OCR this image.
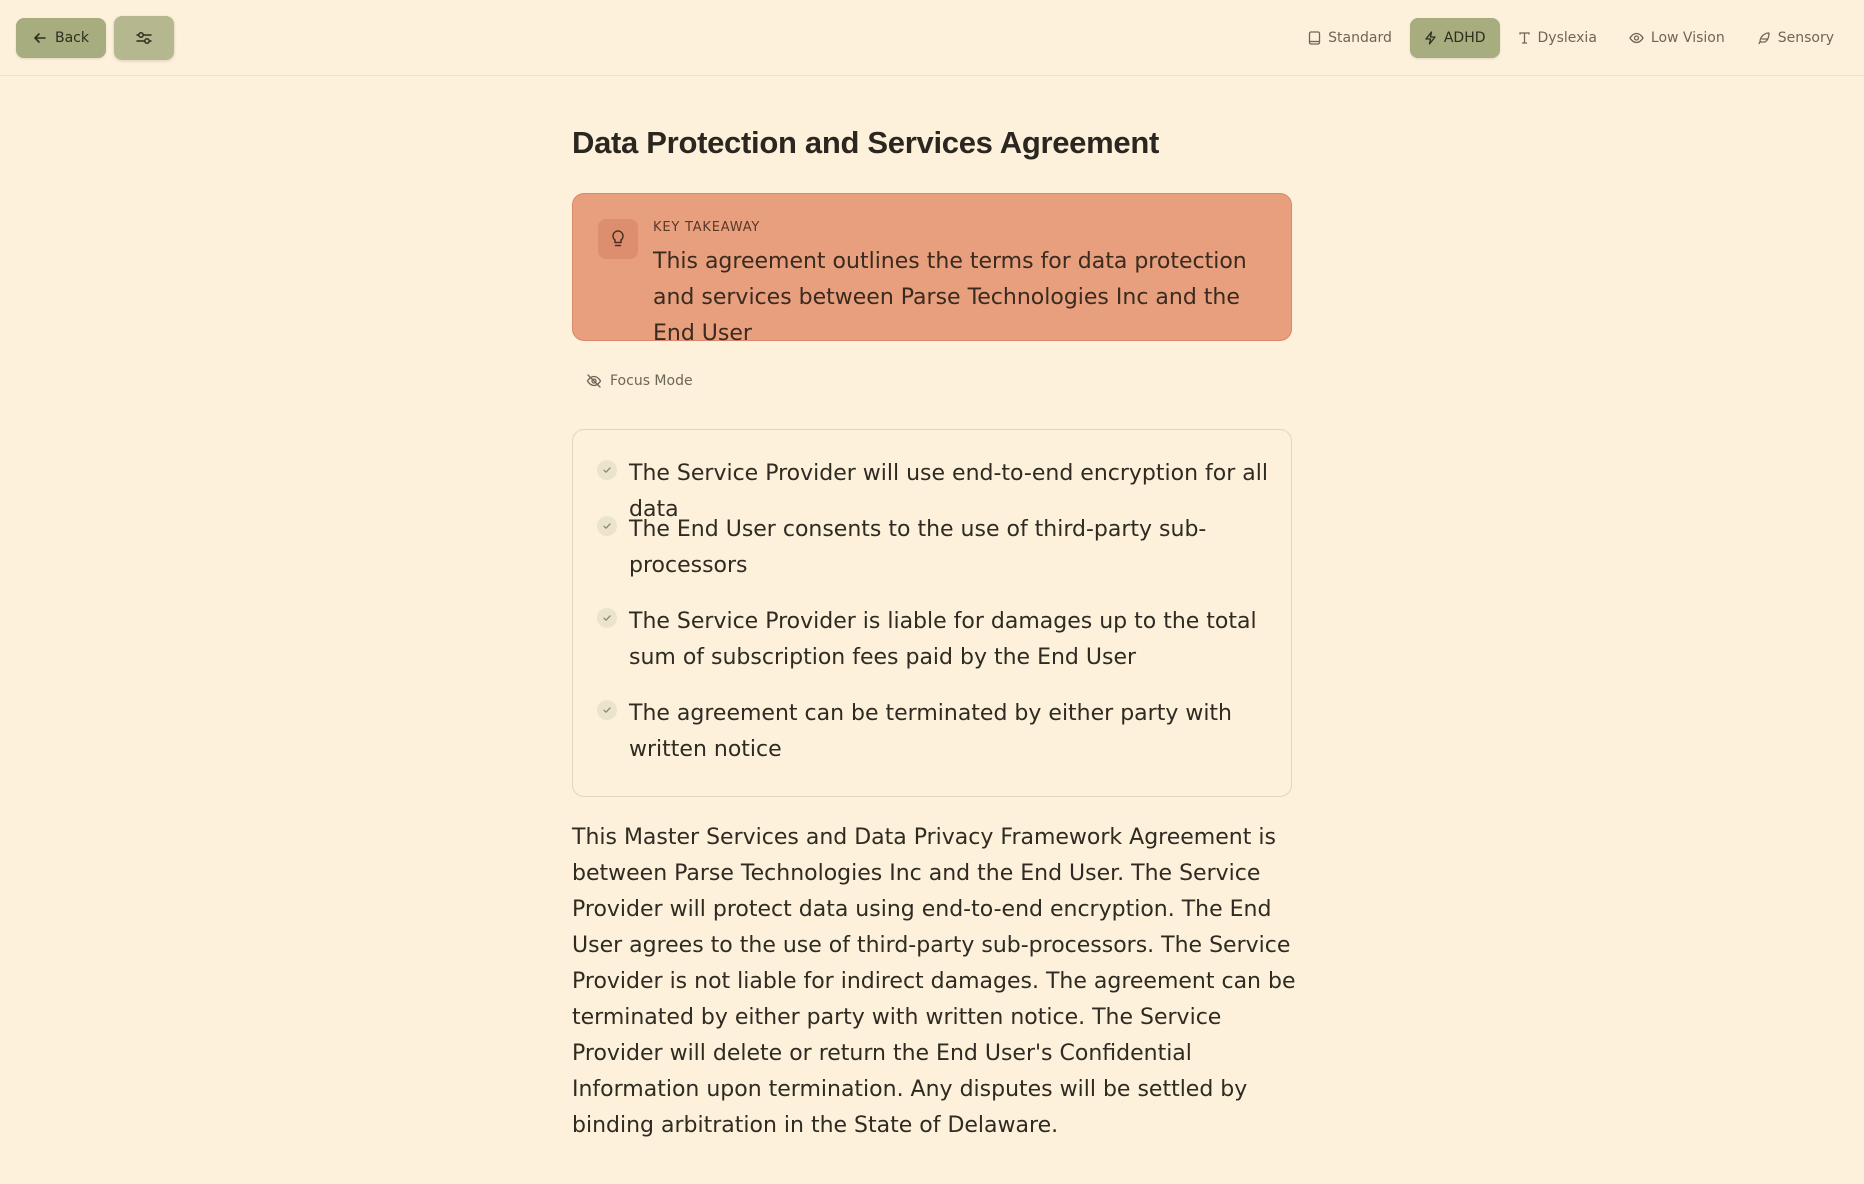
Back	Standard	ADHD	Dyslexia	Low Vision	Sensory
Data Protection and Services Agreement
KEY TAKEAWAY
This agreement outlines the terms for data protection and services between Parse Technologies Inc and the End User
Focus Mode
The Service Provider will use end-to-end encryption for all data
The End User consents to the use of third-party sub-processors
The Service Provider is liable for damages up to the total sum of subscription fees paid by the End User
The agreement can be terminated by either party with written notice
This Master Services and Data Privacy Framework Agreement is between Parse Technologies Inc and the End User. The Service Provider will protect data using end-to-end encryption. The End User agrees to the use of third-party sub-processors. The Service Provider is not liable for indirect damages. The agreement can be terminated by either party with written notice. The Service Provider will delete or return the End User's Confidential Information upon termination. Any disputes will be settled by binding arbitration in the State of Delaware.
